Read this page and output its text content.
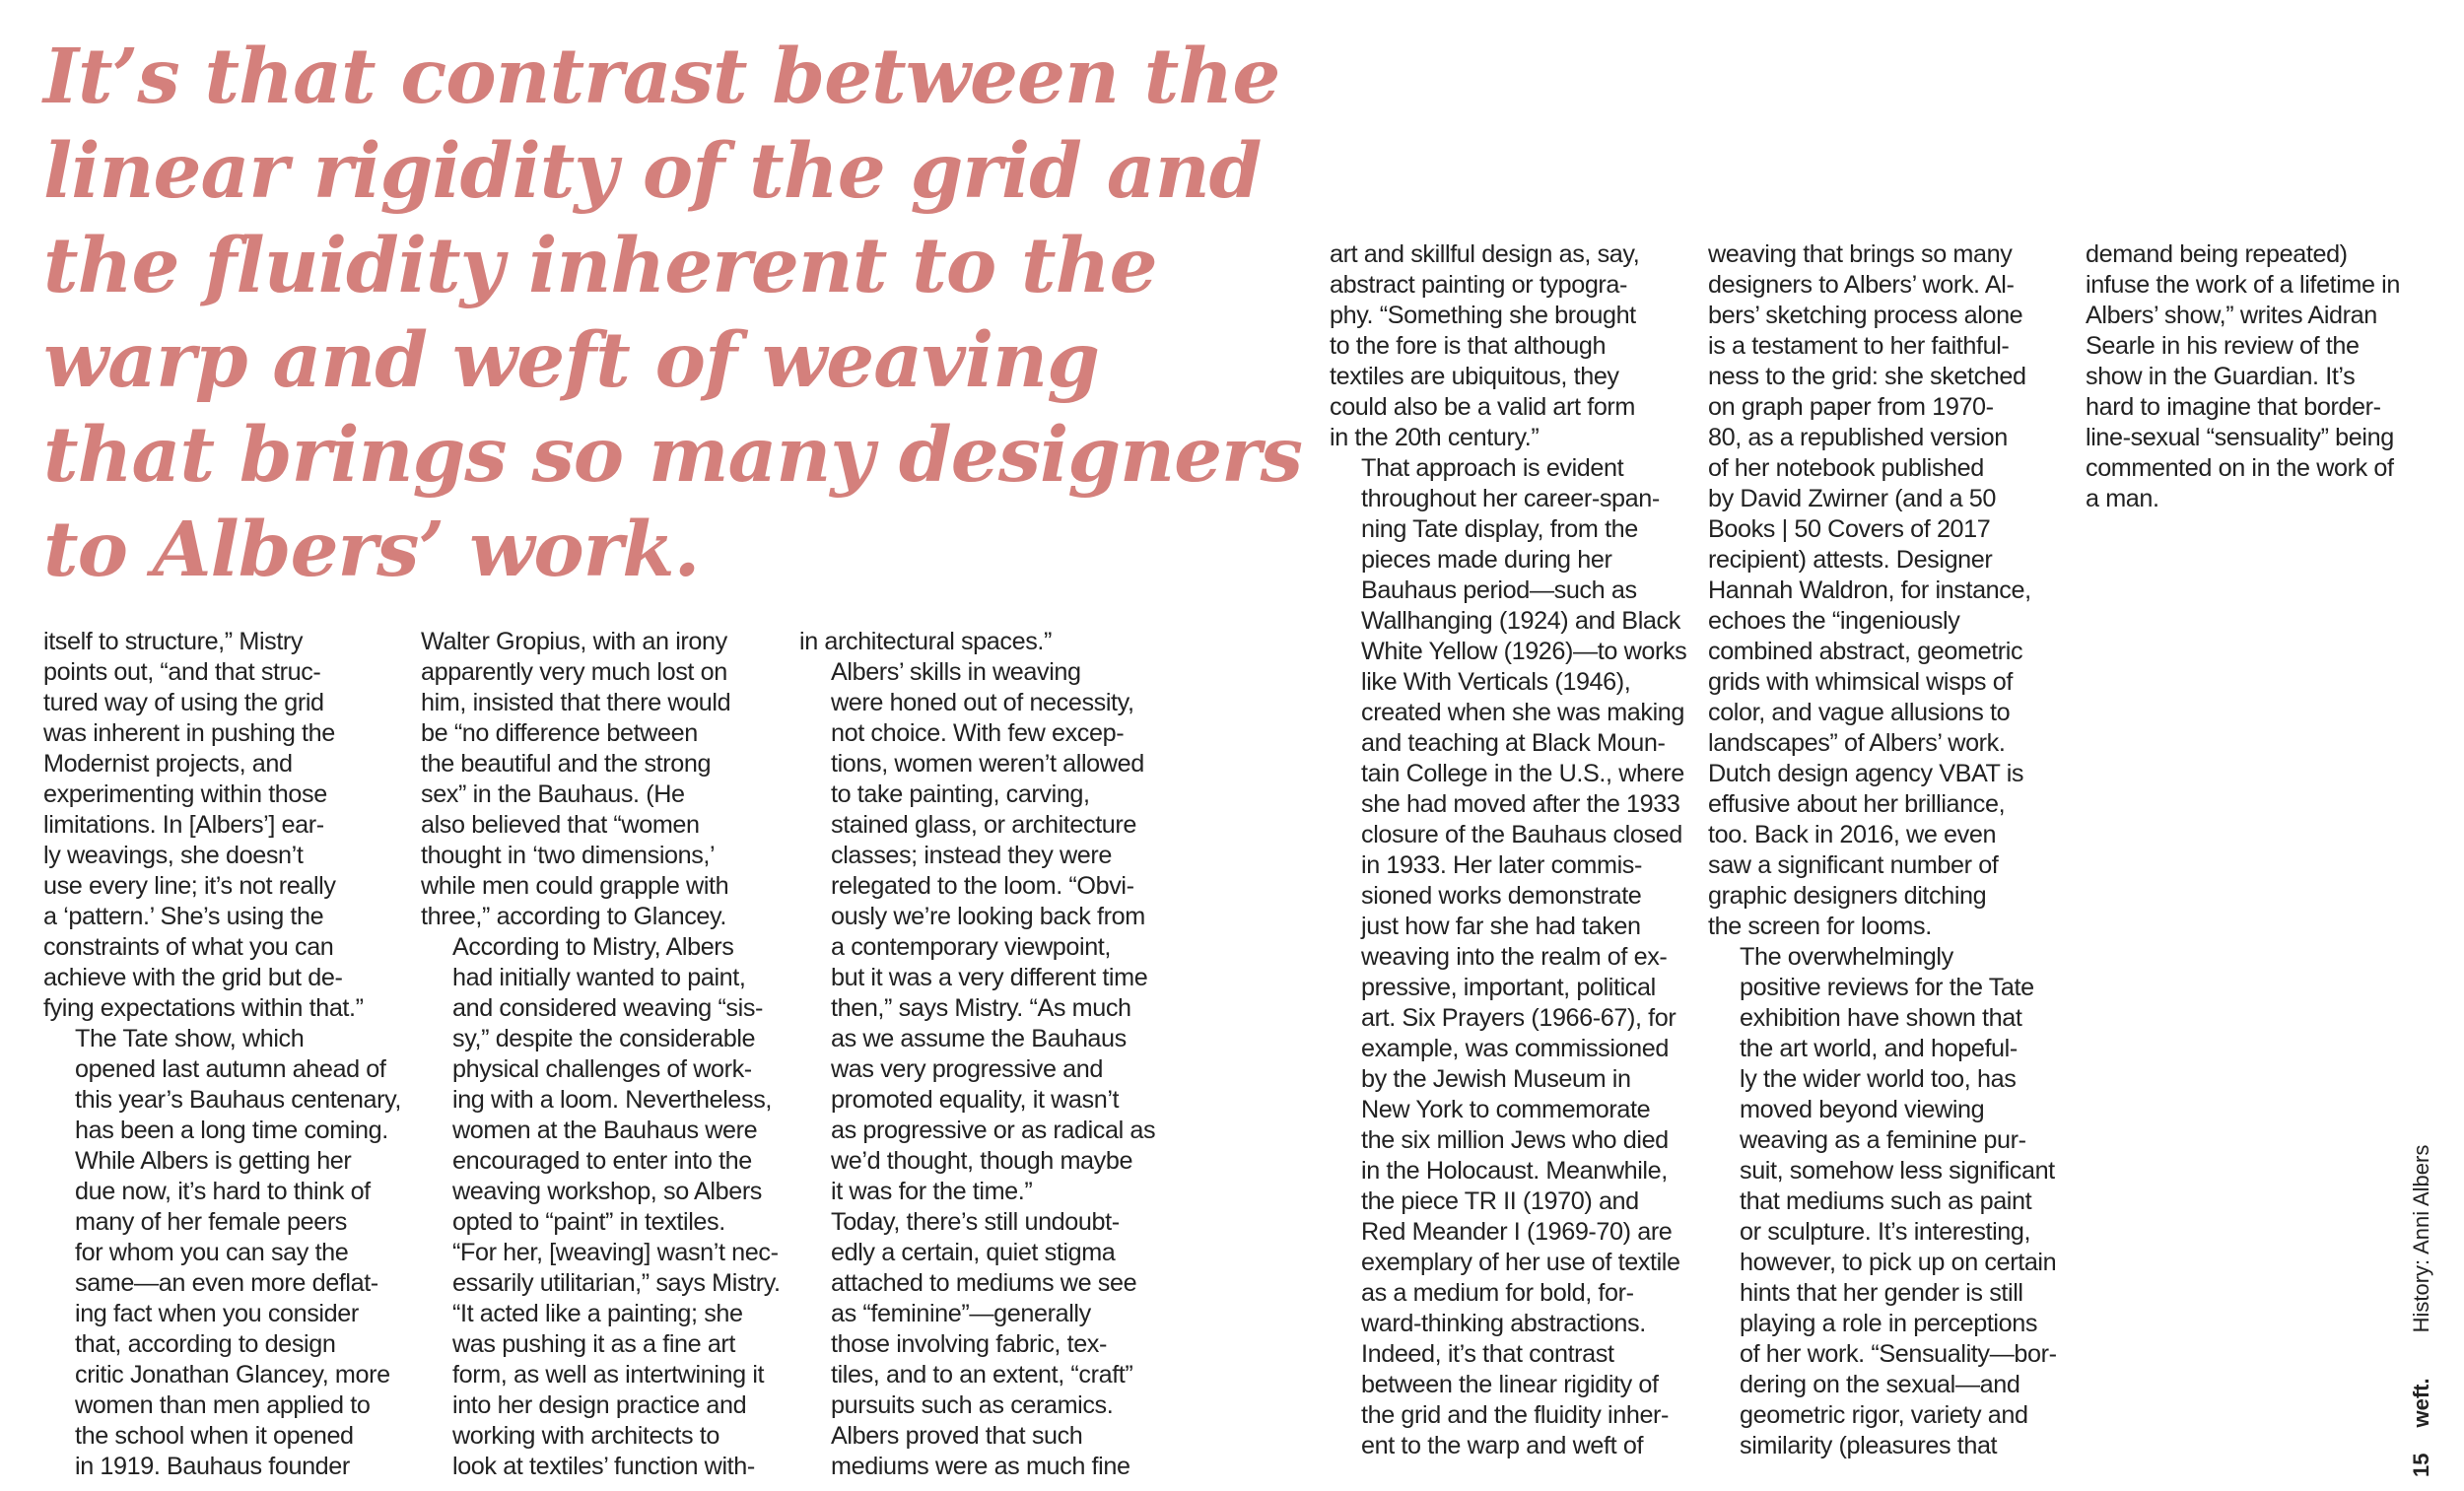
It’s that contrast between the
linear rigidity of the grid and
the fluidity inherent to the
warp and weft of weaving
that brings so many designers
to Albers’ work.

itself to structure,” Mistry
points out, “and that struc-
tured way of using the grid
was inherent in pushing the
Modernist projects, and
experimenting within those
limitations. In [Albers’] ear-
ly weavings, she doesn’t
use every line; it’s not really
a ‘pattern.’ She’s using the
constraints of what you can
achieve with the grid but de-
fying expectations within that.”

The Tate show, which
opened last autumn ahead of
this year’s Bauhaus centenary,
has been a long time coming.
While Albers is getting her
due now, it’s hard to think of
many of her female peers
for whom you can say the
same—an even more deflat-
ing fact when you consider
that, according to design
critic Jonathan Glancey, more
women than men applied to
the school when it opened
in 1919. Bauhaus founder

Walter Gropius, with an irony
apparently very much lost on
him, insisted that there would
be “no difference between
the beautiful and the strong
sex” in the Bauhaus. (He
also believed that “women
thought in ‘two dimensions,’
while men could grapple with
three,” according to Glancey.

According to Mistry, Albers
had initially wanted to paint,
and considered weaving “sis-
sy,” despite the considerable
physical challenges of work-
ing with a loom. Nevertheless,
women at the Bauhaus were
encouraged to enter into the
weaving workshop, so Albers
opted to “paint” in textiles.
“For her, [weaving] wasn’t nec-
essarily utilitarian,” says Mistry.
“It acted like a painting; she
was pushing it as a fine art
form, as well as intertwining it
into her design practice and
working with architects to
look at textiles’ function with-

in architectural spaces.”

Albers’ skills in weaving
were honed out of necessity,
not choice. With few excep-
tions, women weren’t allowed
to take painting, carving,
stained glass, or architecture
classes; instead they were
relegated to the loom. “Obvi-
ously we’re looking back from
a contemporary viewpoint,
but it was a very different time
then,” says Mistry. “As much
as we assume the Bauhaus
was very progressive and
promoted equality, it wasn’t
as progressive or as radical as
we’d thought, though maybe
it was for the time.”

Today, there’s still undoubt-
edly a certain, quiet stigma
attached to mediums we see
as “feminine”—generally
those involving fabric, tex-
tiles, and to an extent, “craft”
pursuits such as ceramics.
Albers proved that such
mediums were as much fine

art and skillful design as, say,
abstract painting or typogra-
phy. “Something she brought
to the fore is that although
textiles are ubiquitous, they
could also be a valid art form
in the 20th century.”

That approach is evident
throughout her career-span-
ning Tate display, from the
pieces made during her
Bauhaus period—such as
Wallhanging (1924) and Black
White Yellow (1926)—to works
like With Verticals (1946),
created when she was making
and teaching at Black Moun-
tain College in the U.S., where
she had moved after the 1933
closure of the Bauhaus closed
in 1933. Her later commis-
sioned works demonstrate
just how far she had taken
weaving into the realm of ex-
pressive, important, political
art. Six Prayers (1966-67), for
example, was commissioned
by the Jewish Museum in
New York to commemorate
the six million Jews who died
in the Holocaust. Meanwhile,
the piece TR II (1970) and
Red Meander I (1969-70) are
exemplary of her use of textile
as a medium for bold, for-
ward-thinking abstractions.

Indeed, it’s that contrast
between the linear rigidity of
the grid and the fluidity inher-
ent to the warp and weft of

weaving that brings so many
designers to Albers’ work. Al-
bers’ sketching process alone
is a testament to her faithful-
ness to the grid: she sketched
on graph paper from 1970-
80, as a republished version
of her notebook published
by David Zwirner (and a 50
Books | 50 Covers of 2017
recipient) attests. Designer
Hannah Waldron, for instance,
echoes the “ingeniously
combined abstract, geometric
grids with whimsical wisps of
color, and vague allusions to
landscapes” of Albers’ work.
Dutch design agency VBAT is
effusive about her brilliance,
too. Back in 2016, we even
saw a significant number of
graphic designers ditching
the screen for looms.

The overwhelmingly
positive reviews for the Tate
exhibition have shown that
the art world, and hopeful-
ly the wider world too, has
moved beyond viewing
weaving as a feminine pur-
suit, somehow less significant
that mediums such as paint
or sculpture. It’s interesting,
however, to pick up on certain
hints that her gender is still
playing a role in perceptions
of her work. “Sensuality—bor-
dering on the sexual—and
geometric rigor, variety and
similarity (pleasures that

demand being repeated)
infuse the work of a lifetime in
Albers’ show,” writes Aidran
Searle in his review of the
show in the Guardian. It’s
hard to imagine that border-
line-sexual “sensuality” being
commented on in the work of
a man.

15
weft.
History: Anni Albers
